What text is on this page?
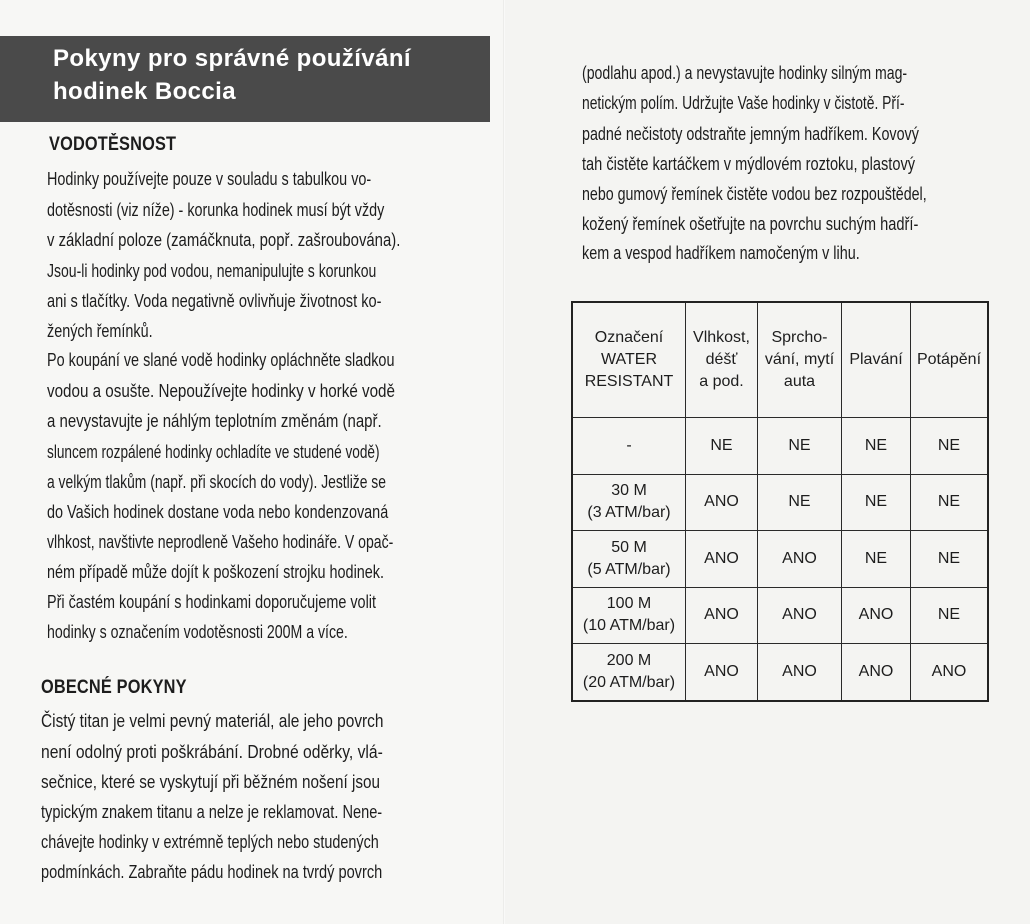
Pokyny pro správné používání
hodinek Boccia
VODOTĚSNOST
Hodinky používejte pouze v souladu s tabulkou vo-
dotěsnosti (viz níže) - korunka hodinek musí být vždy
v základní poloze (zamáčknuta, popř. zašroubována).
Jsou-li hodinky pod vodou, nemanipulujte s korunkou
ani s tlačítky. Voda negativně ovlivňuje životnost ko-
žených řemínků.
Po koupání ve slané vodě hodinky opláchněte sladkou
vodou a osušte. Nepoužívejte hodinky v horké vodě
a nevystavujte je náhlým teplotním změnám (např.
sluncem rozpálené hodinky ochladíte ve studené vodě)
a velkým tlakům (např. při skocích do vody). Jestliže se
do Vašich hodinek dostane voda nebo kondenzovaná
vlhkost, navštivte neprodleně Vašeho hodináře. V opač-
ném případě může dojít k poškození strojku hodinek.
Při častém koupání s hodinkami doporučujeme volit
hodinky s označením vodotěsnosti 200M a více.
OBECNÉ POKYNY
Čistý titan je velmi pevný materiál, ale jeho povrch
není odolný proti poškrábání. Drobné oděrky, vlá-
sečnice, které se vyskytují při běžném nošení jsou
typickým znakem titanu a nelze je reklamovat. Nene-
chávejte hodinky v extrémně teplých nebo studených
podmínkách. Zabraňte pádu hodinek na tvrdý povrch
(podlahu apod.) a nevystavujte hodinky silným mag-
netickým polím. Udržujte Vaše hodinky v čistotě. Pří-
padné nečistoty odstraňte jemným hadříkem. Kovový
tah čistěte kartáčkem v mýdlovém roztoku, plastový
nebo gumový řemínek čistěte vodou bez rozpouštědel,
kožený řemínek ošetřujte na povrchu suchým hadří-
kem a vespod hadříkem namočeným v lihu.
Označení
WATER
RESISTANT	Vlhkost,
déšť
a pod.	Sprcho-
vání, mytí
auta	Plavání	Potápění

-	NE	NE	NE	NE

30 M
(3 ATM/bar)	ANO	NE	NE	NE

50 M
(5 ATM/bar)	ANO	ANO	NE	NE

100 M
(10 ATM/bar)	ANO	ANO	ANO	NE

200 M
(20 ATM/bar)	ANO	ANO	ANO	ANO
